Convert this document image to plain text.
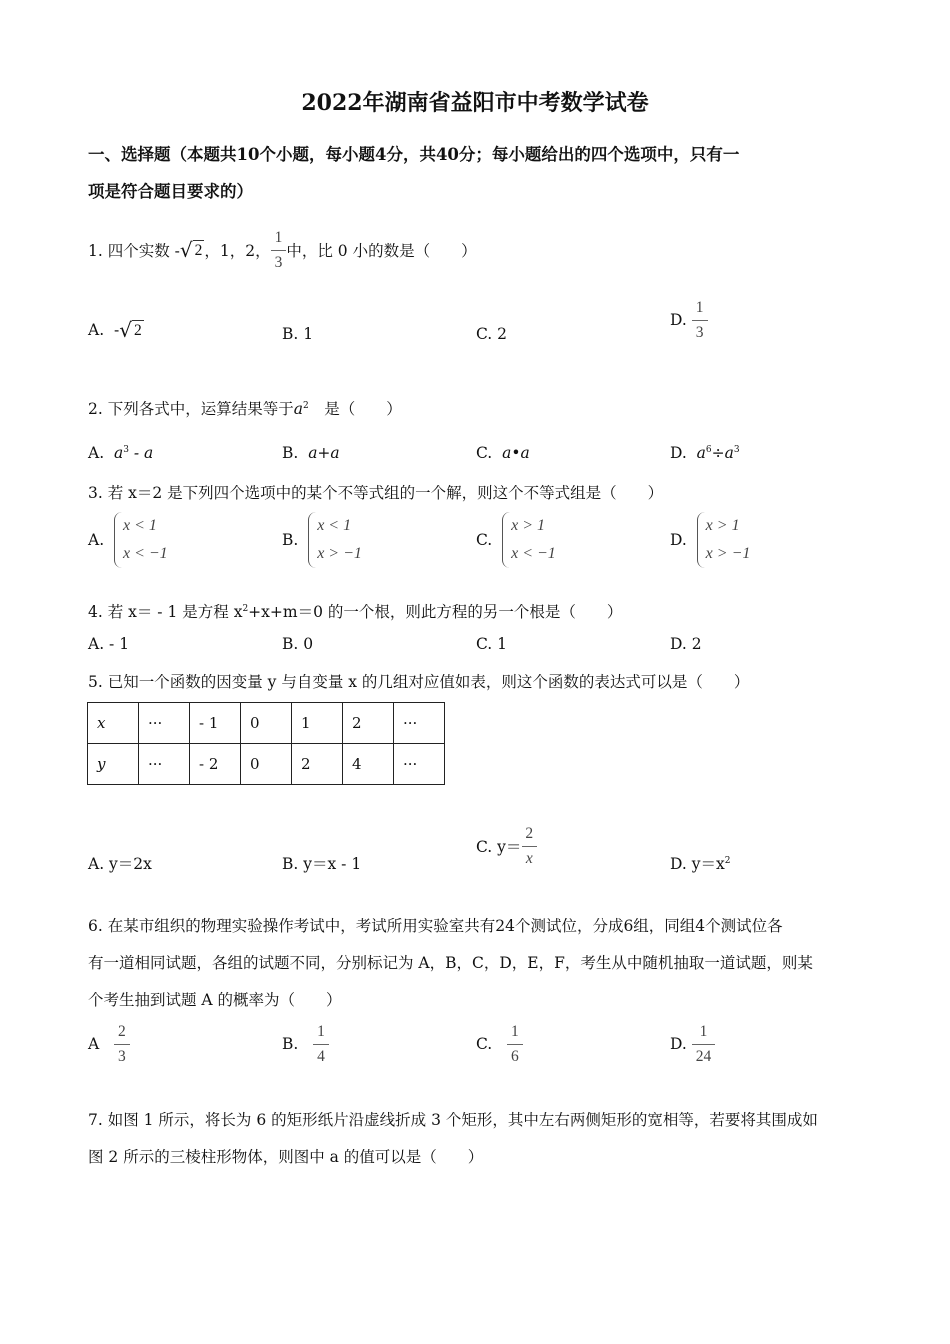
2022年湖南省益阳市中考数学试卷
一、选择题（本题共10个小题，每小题4分，共40分；每小题给出的四个选项中，只有一
项是符合题目要求的）
1. 四个实数 - √ 2 ，1，2， $\frac{1}{3}$ 中，比 0 小的数是（　　）
A.
- √ 2	B. 1	C. 2
D.
$\frac{1}{3}$
2. 下列各式中，运算结果等于$a^2$　是（　　）
A. $a^3$ - a	B. a+a	C. a•a	D. $a^6\div a^3$
3. 若 x＝2 是下列四个选项中的某个不等式组的一个解，则这个不等式组是（　　）
A.

x < 1
x < −1
B.

x < 1
x > −1
C.

x > 1
x < −1
D.

x > 1
x > −1
4. 若 x＝ - 1 是方程 $x^2+x+m=0$ 的一个根，则此方程的另一个根是（　　）
A. - 1	B. 0	C. 1	D. 2
5. 已知一个函数的因变量 y 与自变量 x 的几组对应值如表，则这个函数的表达式可以是（　　）
x	···	- 1	0	1	2	···
y	···	- 2	0	2	4	···
A. y＝2x	B. y＝x - 1
C. $y= \frac{2}{x}$	D. $y=x^2$
6. 在某市组织的物理实验操作考试中，考试所用实验室共有24个测试位，分成6组，同组4个测试位各
有一道相同试题，各组的试题不同，分别标记为 A，B，C，D，E，F，考生从中随机抽取一道试题，则某
个考生抽到试题 A 的概率为（　　）
A
$\frac{2}{3}$	B.
$\frac{1}{4}$	C.
$\frac{1}{6}$	D.
$\frac{1}{24}$
7. 如图 1 所示，将长为 6 的矩形纸片沿虚线折成 3 个矩形，其中左右两侧矩形的宽相等，若要将其围成如
图 2 所示的三棱柱形物体，则图中 a 的值可以是（　　）
